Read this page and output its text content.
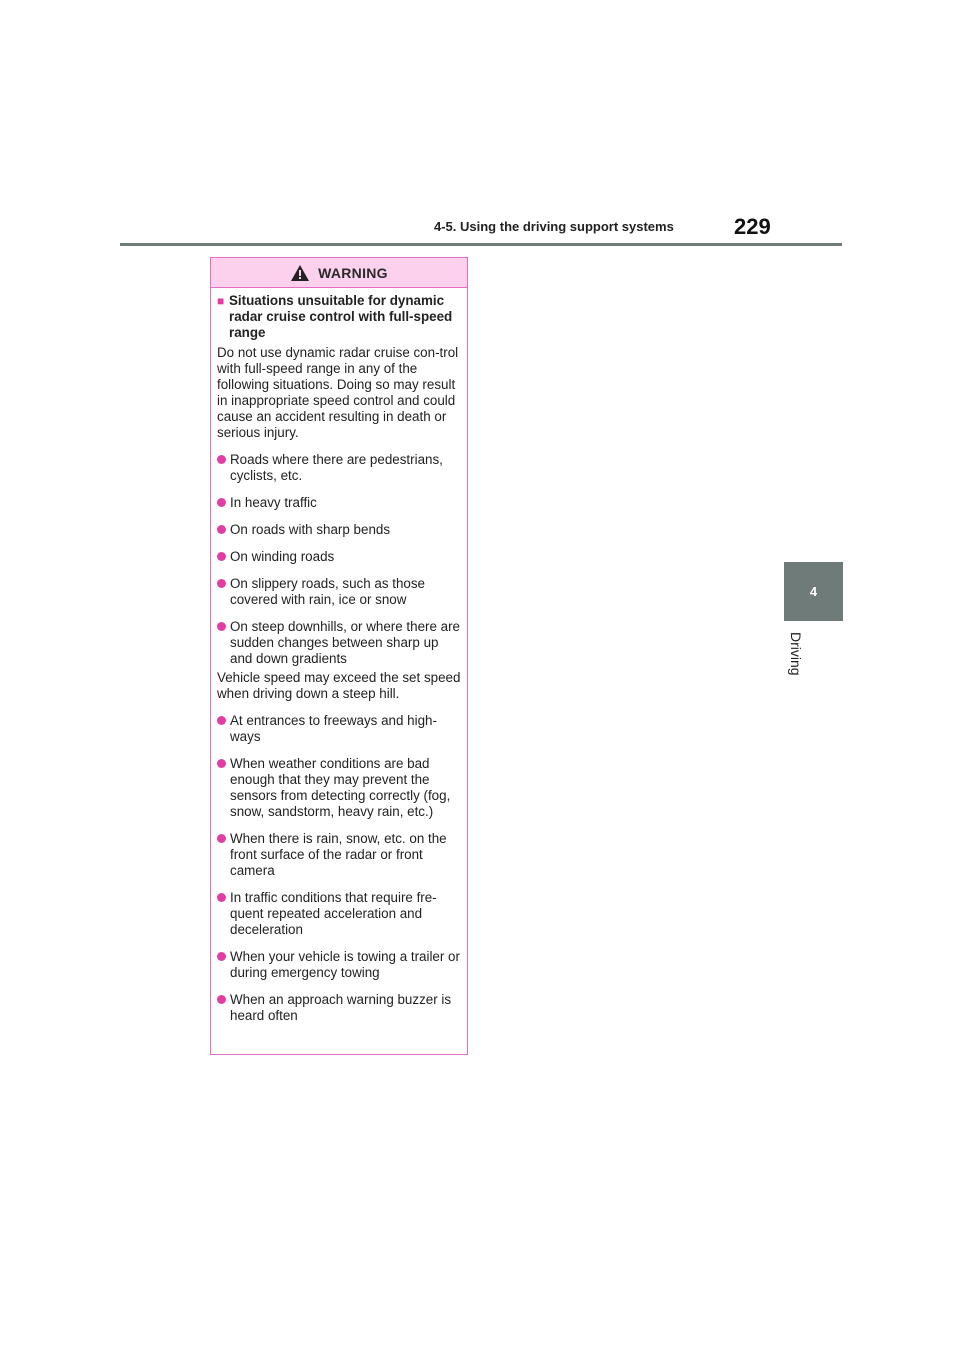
4-5. Using the driving support systems	229
4
Driving
WARNING
■ Situations unsuitable for dynamic radar cruise control with full-speed range

Do not use dynamic radar cruise con-trol with full-speed range in any of the following situations. Doing so may result in inappropriate speed control and could cause an accident resulting in death or serious injury.

Roads where there are pedestrians, cyclists, etc.
In heavy traffic
On roads with sharp bends
On winding roads
On slippery roads, such as those covered with rain, ice or snow
On steep downhills, or where there are sudden changes between sharp up and down gradients

Vehicle speed may exceed the set speed when driving down a steep hill.

At entrances to freeways and high-ways
When weather conditions are bad enough that they may prevent the sensors from detecting correctly (fog, snow, sandstorm, heavy rain, etc.)
When there is rain, snow, etc. on the front surface of the radar or front camera
In traffic conditions that require fre-quent repeated acceleration and deceleration
When your vehicle is towing a trailer or during emergency towing
When an approach warning buzzer is heard often
